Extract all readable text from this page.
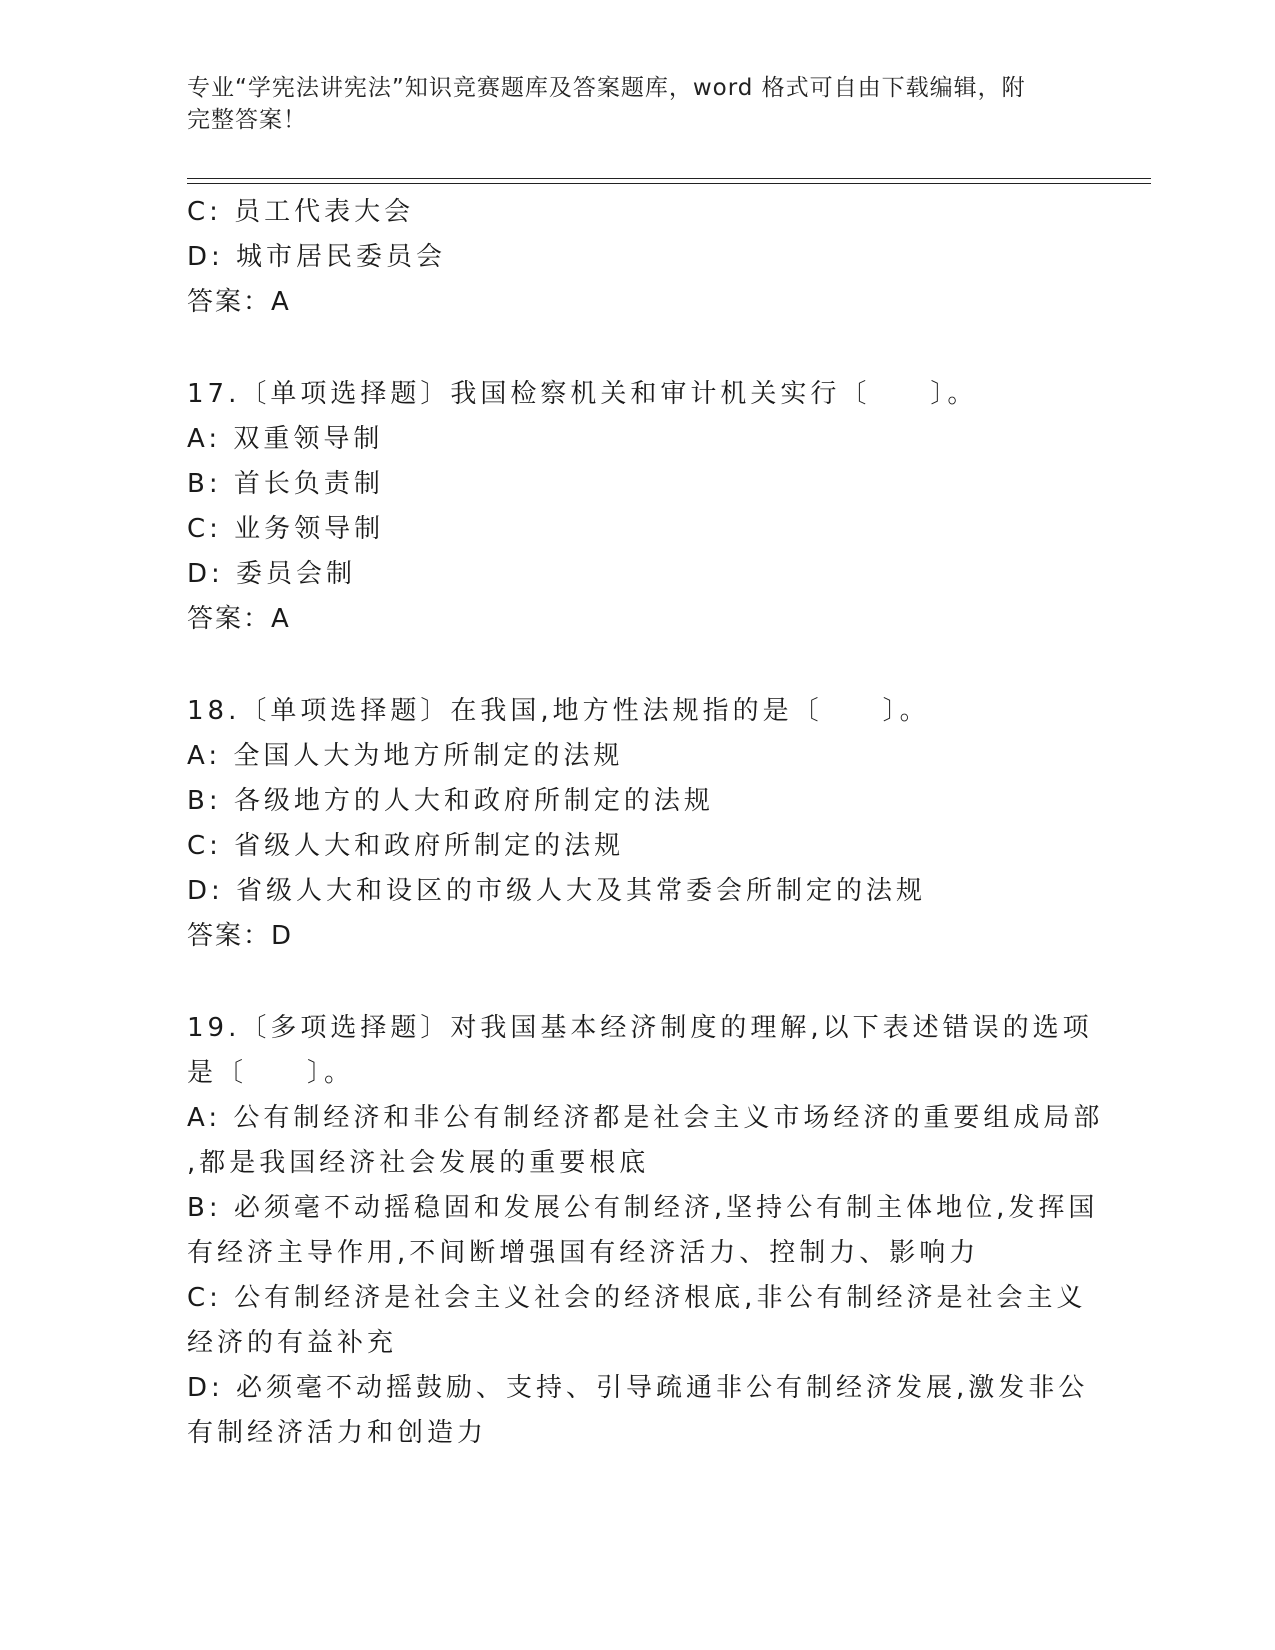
专业“学宪法讲宪法”知识竞赛题库及答案题库，word 格式可自由下载编辑，附
完整答案！
C: 员工代表大会
D: 城市居民委员会
答案：A
17.〔单项选择题〕我国检察机关和审计机关实行〔　　〕。
A: 双重领导制
B: 首长负责制
C: 业务领导制
D: 委员会制
答案：A
18.〔单项选择题〕在我国,地方性法规指的是〔　　〕。
A: 全国人大为地方所制定的法规
B: 各级地方的人大和政府所制定的法规
C: 省级人大和政府所制定的法规
D: 省级人大和设区的市级人大及其常委会所制定的法规
答案：D
19.〔多项选择题〕对我国基本经济制度的理解,以下表述错误的选项
是〔　　〕。
A: 公有制经济和非公有制经济都是社会主义市场经济的重要组成局部
,都是我国经济社会发展的重要根底
B: 必须毫不动摇稳固和发展公有制经济,坚持公有制主体地位,发挥国
有经济主导作用,不间断增强国有经济活力、控制力、影响力
C: 公有制经济是社会主义社会的经济根底,非公有制经济是社会主义
经济的有益补充
D: 必须毫不动摇鼓励、支持、引导疏通非公有制经济发展,激发非公
有制经济活力和创造力
